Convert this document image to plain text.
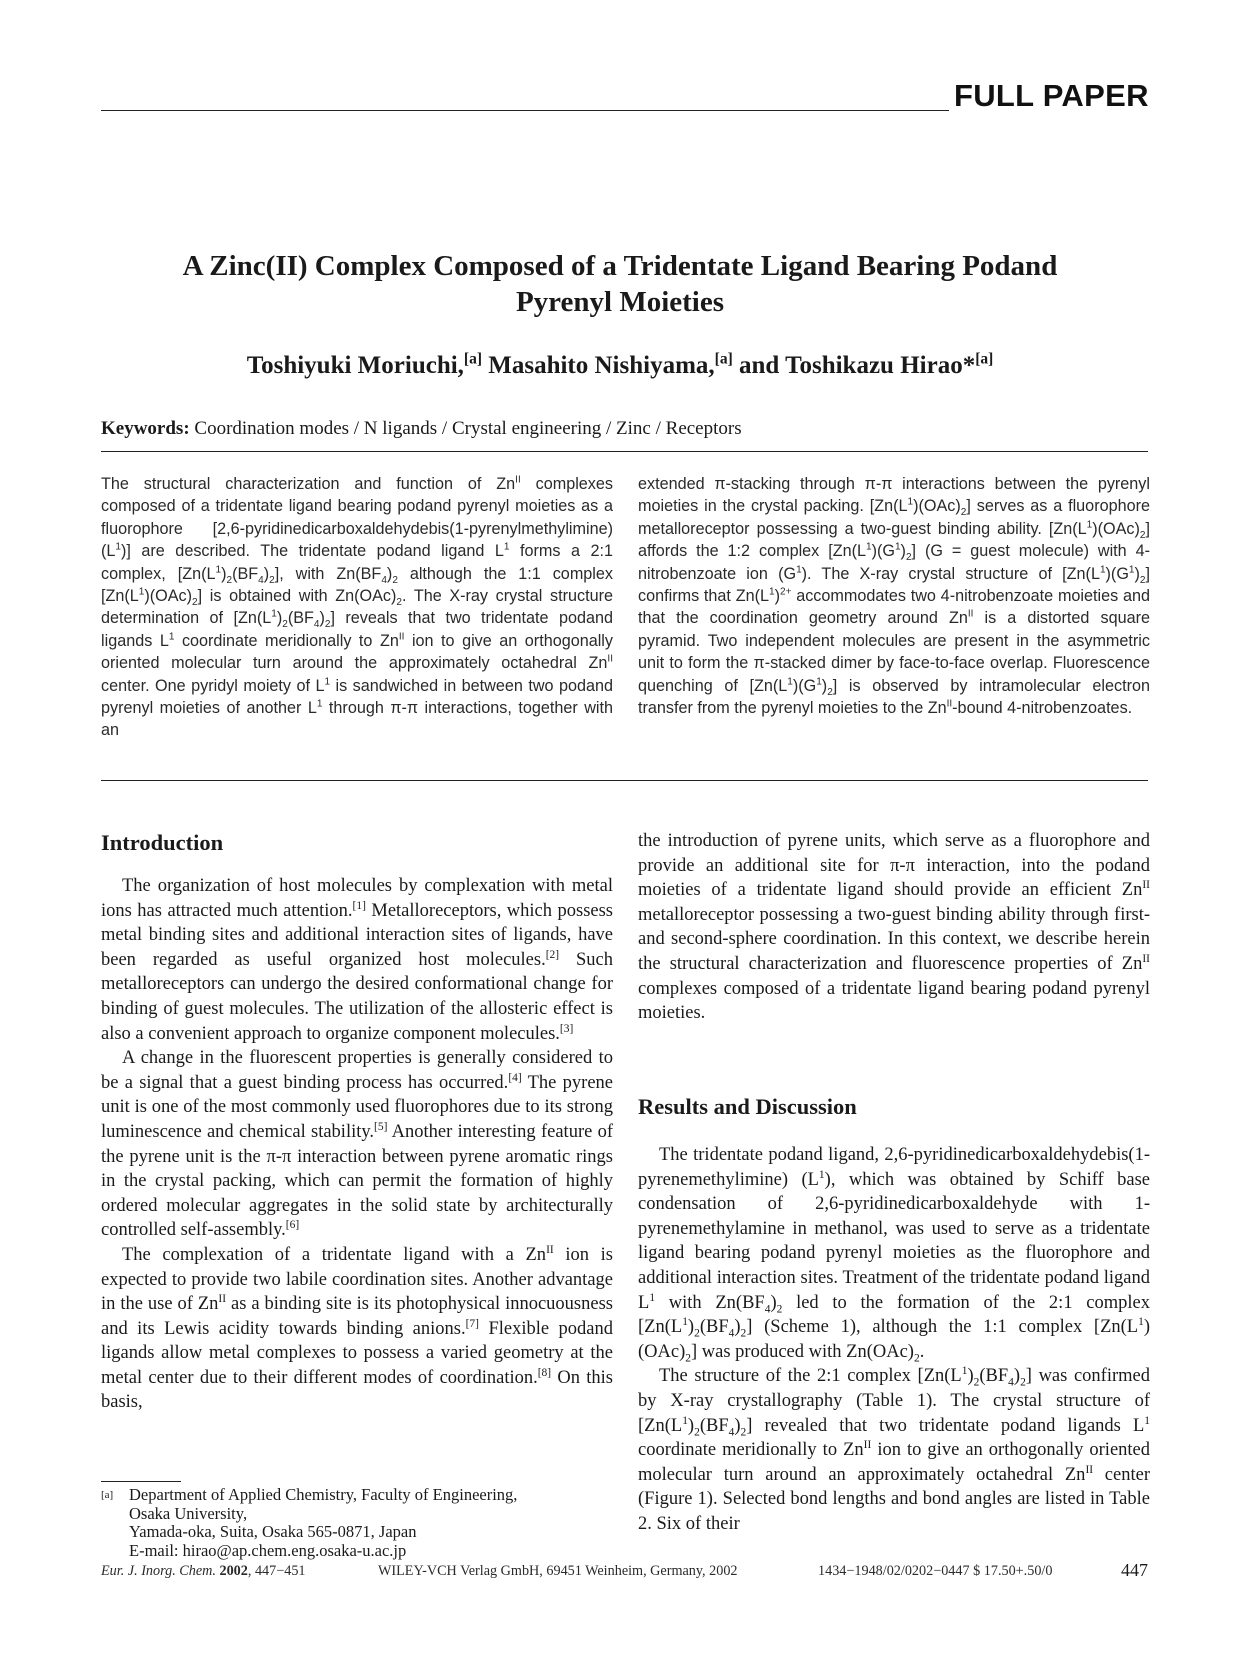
FULL PAPER
A Zinc(II) Complex Composed of a Tridentate Ligand Bearing Podand
Pyrenyl Moieties
Toshiyuki Moriuchi,[a] Masahito Nishiyama,[a] and Toshikazu Hirao*[a]
Keywords: Coordination modes / N ligands / Crystal engineering / Zinc / Receptors
The structural characterization and function of $Zn^{II}$ complexes composed of a tridentate ligand bearing podand pyrenyl moieties as a fluorophore [2,6-pyridinedicarboxaldehydebis(1-pyrenylmethylimine) $(L^1)$] are described. The tridentate podand ligand $L^1$ forms a 2:1 complex, $[Zn(L^1)_2(BF_4)_2]$, with $Zn(BF_4)_2$ although the 1:1 complex $[Zn(L^1)(OAc)_2]$ is obtained with $Zn(OAc)_2$. The X-ray crystal structure determination of $[Zn(L^1)_2(BF_4)_2]$ reveals that two tridentate podand ligands $L^1$ coordinate meridionally to $Zn^{II}$ ion to give an orthogonally oriented molecular turn around the approximately octahedral $Zn^{II}$ center. One pyridyl moiety of $L^1$ is sandwiched in between two podand pyrenyl moieties of another $L^1$ through π-π interactions, together with an
extended π-stacking through π-π interactions between the pyrenyl moieties in the crystal packing. $[Zn(L^1)(OAc)_2]$ serves as a fluorophore metalloreceptor possessing a two-guest binding ability. $[Zn(L^1)(OAc)_2]$ affords the 1:2 complex $[Zn(L^1)(G^1)_2] (G$ = guest molecule) with 4-nitrobenzoate ion $(G^1)$. The X-ray crystal structure of $[Zn(L^1)(G^1)_2]$ confirms that $Zn(L^1)^{2+}$ accommodates two 4-nitrobenzoate moieties and that the coordination geometry around $Zn^{II}$ is a distorted square pyramid. Two independent molecules are present in the asymmetric unit to form the π-stacked dimer by face-to-face overlap. Fluorescence quenching of $[Zn(L^1)(G^1)_2]$ is observed by intramolecular electron transfer from the pyrenyl moieties to the $Zn^{II}$-bound 4-nitrobenzoates.
Introduction

The organization of host molecules by complexation with metal ions has attracted much attention.[1] Metalloreceptors, which possess metal binding sites and additional interaction sites of ligands, have been regarded as useful organized host molecules.[2] Such metalloreceptors can undergo the desired conformational change for binding of guest molecules. The utilization of the allosteric effect is also a convenient approach to organize component molecules.[3]

A change in the fluorescent properties is generally considered to be a signal that a guest binding process has occurred.[4] The pyrene unit is one of the most commonly used fluorophores due to its strong luminescence and chemical stability.[5] Another interesting feature of the pyrene unit is the π-π interaction between pyrene aromatic rings in the crystal packing, which can permit the formation of highly ordered molecular aggregates in the solid state by architecturally controlled self-assembly.[6]

The complexation of a tridentate ligand with a $Zn^{II}$ ion is expected to provide two labile coordination sites. Another advantage in the use of $Zn^{II}$ as a binding site is its photophysical innocuousness and its Lewis acidity towards binding anions.[7] Flexible podand ligands allow metal complexes to possess a varied geometry at the metal center due to their different modes of coordination.[8] On this basis,

[a] Department of Applied Chemistry, Faculty of Engineering,
Osaka University,
Yamada-oka, Suita, Osaka 565-0871, Japan
E-mail: hirao@ap.chem.eng.osaka-u.ac.jp

the introduction of pyrene units, which serve as a fluorophore and provide an additional site for π-π interaction, into the podand moieties of a tridentate ligand should provide an efficient $Zn^{II}$ metalloreceptor possessing a two-guest binding ability through first- and second-sphere coordination. In this context, we describe herein the structural characterization and fluorescence properties of $Zn^{II}$ complexes composed of a tridentate ligand bearing podand pyrenyl moieties.

Results and Discussion

The tridentate podand ligand, 2,6-pyridinedicarboxaldehydebis(1-pyrenemethylimine) $(L^1)$, which was obtained by Schiff base condensation of 2,6-pyridinedicarboxaldehyde with 1-pyrenemethylamine in methanol, was used to serve as a tridentate ligand bearing podand pyrenyl moieties as the fluorophore and additional interaction sites. Treatment of the tridentate podand ligand $L^1$ with $Zn(BF_4)_2$ led to the formation of the 2:1 complex $[Zn(L^1)_2(BF_4)_2]$ (Scheme 1), although the 1:1 complex $[Zn(L^1)(OAc)_2]$ was produced with $Zn(OAc)_2$.

The structure of the 2:1 complex $[Zn(L^1)_2(BF_4)_2]$ was confirmed by X-ray crystallography (Table 1). The crystal structure of $[Zn(L^1)_2(BF_4)_2]$ revealed that two tridentate podand ligands $L^1$ coordinate meridionally to $Zn^{II}$ ion to give an orthogonally oriented molecular turn around an approximately octahedral $Zn^{II}$ center (Figure 1). Selected bond lengths and bond angles are listed in Table 2. Six of their

Eur. J. Inorg. Chem. 2002, 447−451	WILEY-VCH Verlag GmbH, 69451 Weinheim, Germany, 2002	1434−1948/02/0202−0447 $ 17.50+.50/0	447
